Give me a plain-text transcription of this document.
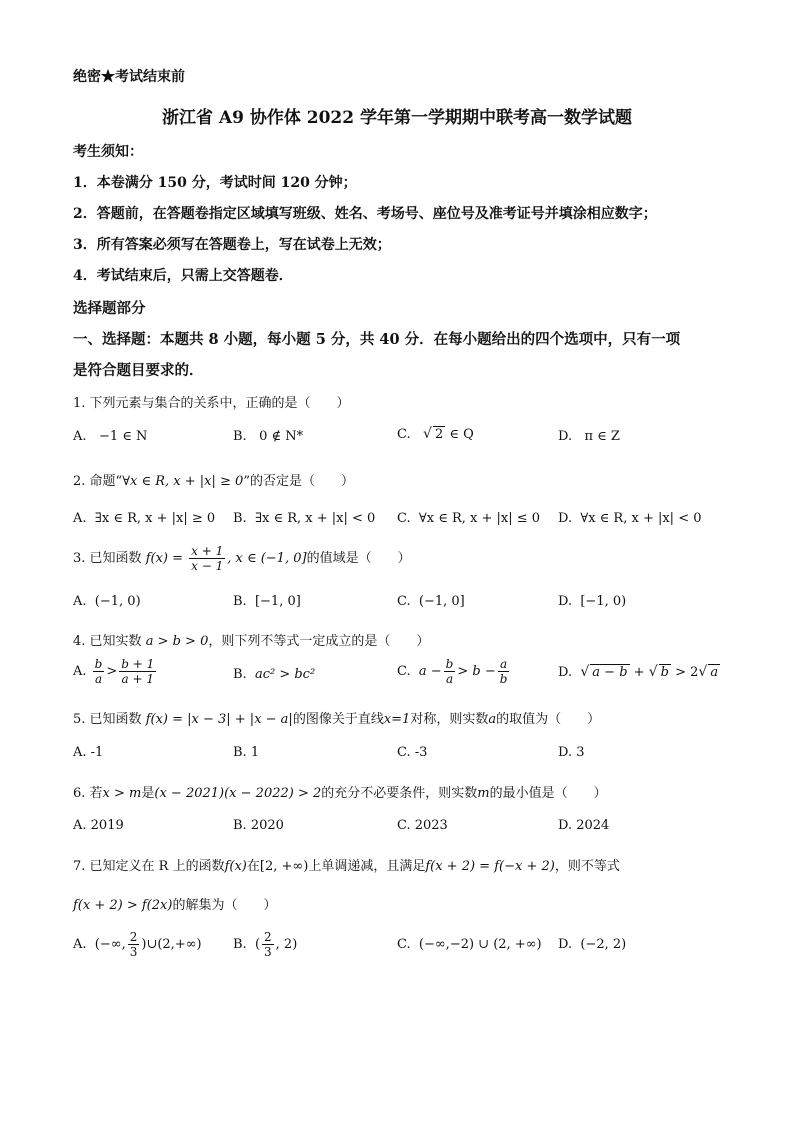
绝密★考试结束前
浙江省 A9 协作体 2022 学年第一学期期中联考高一数学试题
考生须知：
1．本卷满分 150 分，考试时间 120 分钟；
2．答题前，在答题卷指定区域填写班级、姓名、考场号、座位号及准考证号并填涂相应数字；
3．所有答案必须写在答题卷上，写在试卷上无效；
4．考试结束后，只需上交答题卷．
选择题部分
一、选择题：本题共 8 小题，每小题 5 分，共 40 分．在每小题给出的四个选项中，只有一项
是符合题目要求的．
1. 下列元素与集合的关系中，正确的是（　　）
A. −1 ∈ N	B. 0 ∉ N*	C. √ 2 ∈ Q	D. π ∈ Z
2. 命题“∀x ∈ R, x + |x| ≥ 0”的否定是（　　）
A. ∃x ∈ R, x + |x| ≥ 0 B. ∃x ∈ R, x + |x| < 0 C. ∀x ∈ R, x + |x| ≤ 0 D. ∀x ∈ R, x + |x| < 0
3. 已知函数 $f(x) = \frac{x + 1}{x - 1}$ , x ∈ (−1, 0]的值域是（　　）
A. (−1, 0)	B. [−1, 0]	C. (−1, 0]	D. [−1, 0)
4. 已知实数 a > b > 0，则下列不等式一定成立的是（　　）
A. $\frac{b}{a} > \frac{b + 1}{a + 1}$	B. ac² > bc²	C. $a - \frac{b}{a} > b - \frac{a}{b}$	D. √ a − b + √ b > 2√ a
5. 已知函数 f(x) = |x − 3| + |x − a|的图像关于直线x=1对称，则实数a的取值为（　　）
A. -1	B. 1	C. -3	D. 3
6. 若x > m是(x − 2021)(x − 2022) > 2的充分不必要条件，则实数m的最小值是（　　）
A. 2019	B. 2020	C. 2023	D. 2024
7. 已知定义在 R 上的函数f(x)在[2, +∞)上单调递减，且满足f(x + 2) = f(−x + 2)，则不等式
f(x + 2) > f(2x)的解集为（　　）
A. (−∞, $\frac{2}{3}$ )∪(2,+∞) B. ( $\frac{2}{3}$ , 2)	C. (−∞,−2) ∪ (2, +∞) D. (−2, 2)
